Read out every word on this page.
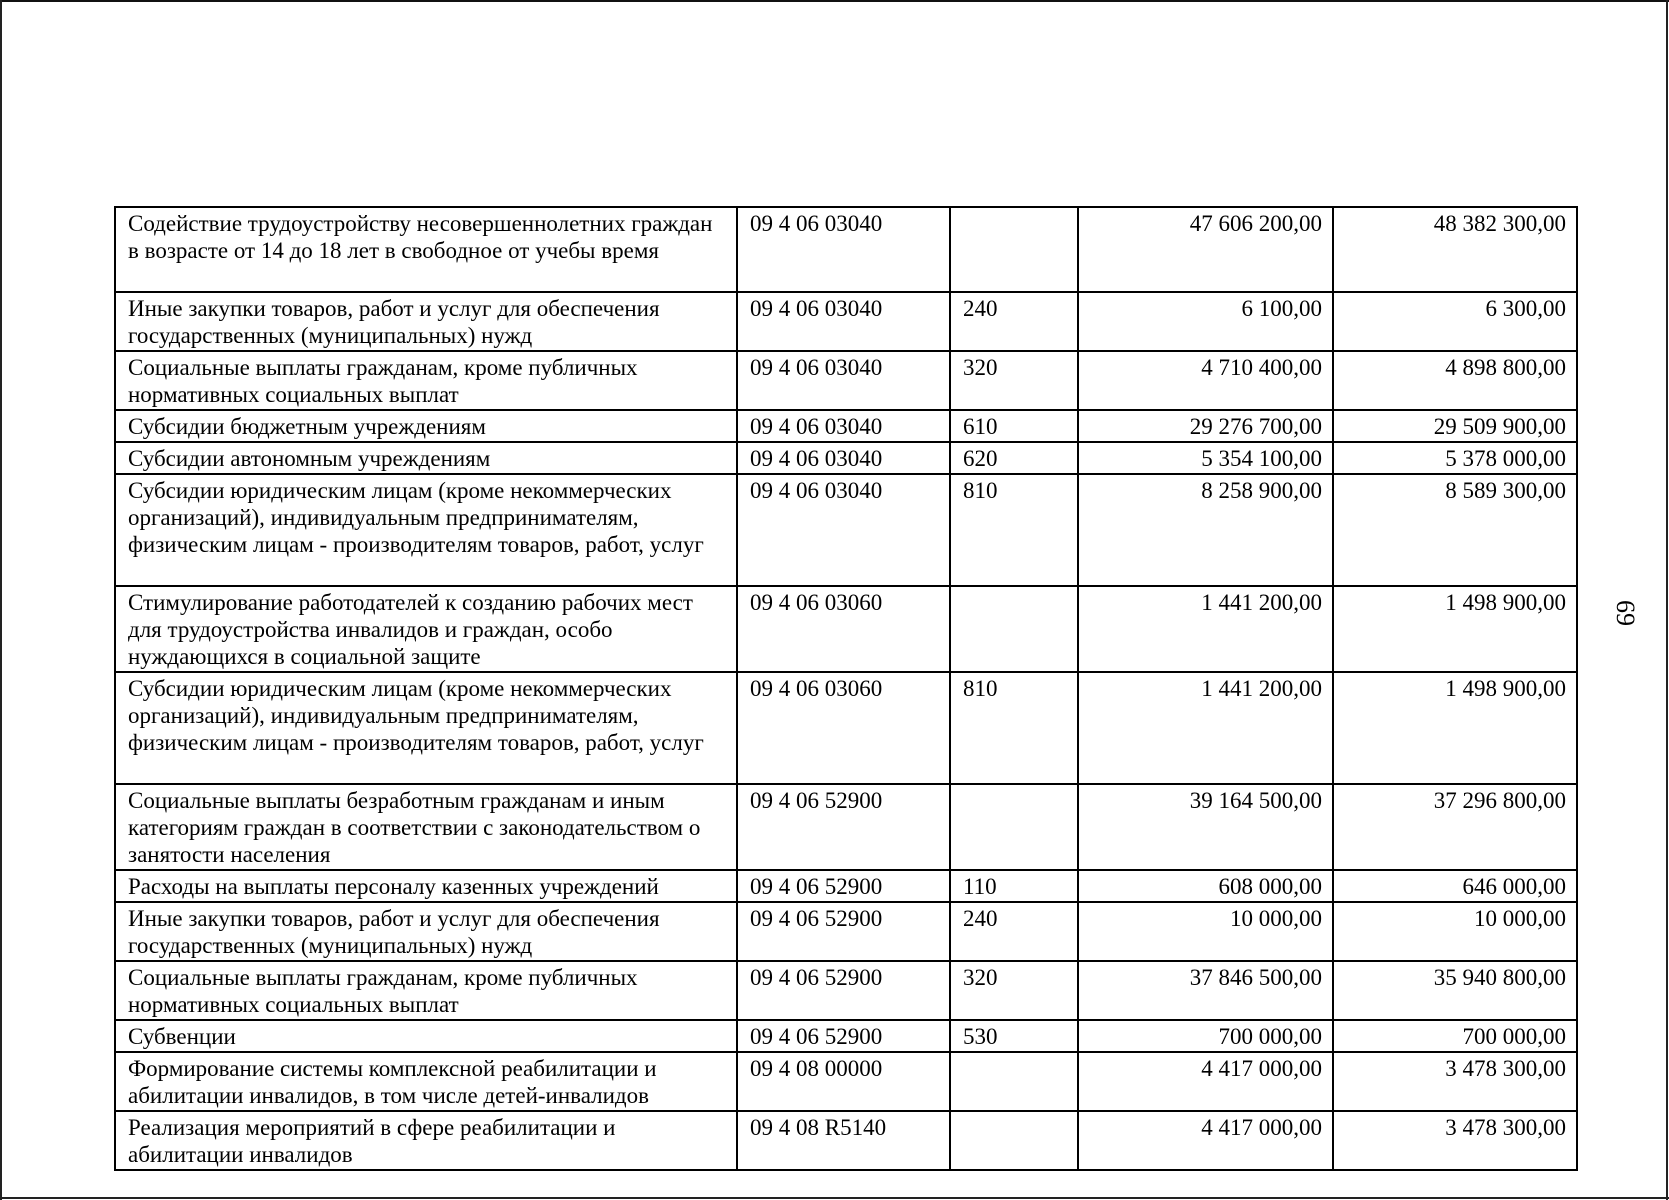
69
Содействие трудоустройству несовершеннолетних граждан в возрасте от 14 до 18 лет в свободное от учебы время	09 4 06 03040		47 606 200,00	48 382 300,00
Иные закупки товаров, работ и услуг для обеспечения государственных (муниципальных) нужд	09 4 06 03040	240	6 100,00	6 300,00
Социальные выплаты гражданам, кроме публичных нормативных социальных выплат	09 4 06 03040	320	4 710 400,00	4 898 800,00
Субсидии бюджетным учреждениям	09 4 06 03040	610	29 276 700,00	29 509 900,00
Субсидии автономным учреждениям	09 4 06 03040	620	5 354 100,00	5 378 000,00
Субсидии юридическим лицам (кроме некоммерческих организаций), индивидуальным предпринимателям, физическим лицам - производителям товаров, работ, услуг	09 4 06 03040	810	8 258 900,00	8 589 300,00
Стимулирование работодателей к созданию рабочих мест для трудоустройства инвалидов и граждан, особо нуждающихся в социальной защите	09 4 06 03060		1 441 200,00	1 498 900,00
Субсидии юридическим лицам (кроме некоммерческих организаций), индивидуальным предпринимателям, физическим лицам - производителям товаров, работ, услуг	09 4 06 03060	810	1 441 200,00	1 498 900,00
Социальные выплаты безработным гражданам и иным категориям граждан в соответствии с законодательством о занятости населения	09 4 06 52900		39 164 500,00	37 296 800,00
Расходы на выплаты персоналу казенных учреждений	09 4 06 52900	110	608 000,00	646 000,00
Иные закупки товаров, работ и услуг для обеспечения государственных (муниципальных) нужд	09 4 06 52900	240	10 000,00	10 000,00
Социальные выплаты гражданам, кроме публичных нормативных социальных выплат	09 4 06 52900	320	37 846 500,00	35 940 800,00
Субвенции	09 4 06 52900	530	700 000,00	700 000,00
Формирование системы комплексной реабилитации и абилитации инвалидов, в том числе детей-инвалидов	09 4 08 00000		4 417 000,00	3 478 300,00
Реализация мероприятий в сфере реабилитации и абилитации инвалидов	09 4 08 R5140		4 417 000,00	3 478 300,00
